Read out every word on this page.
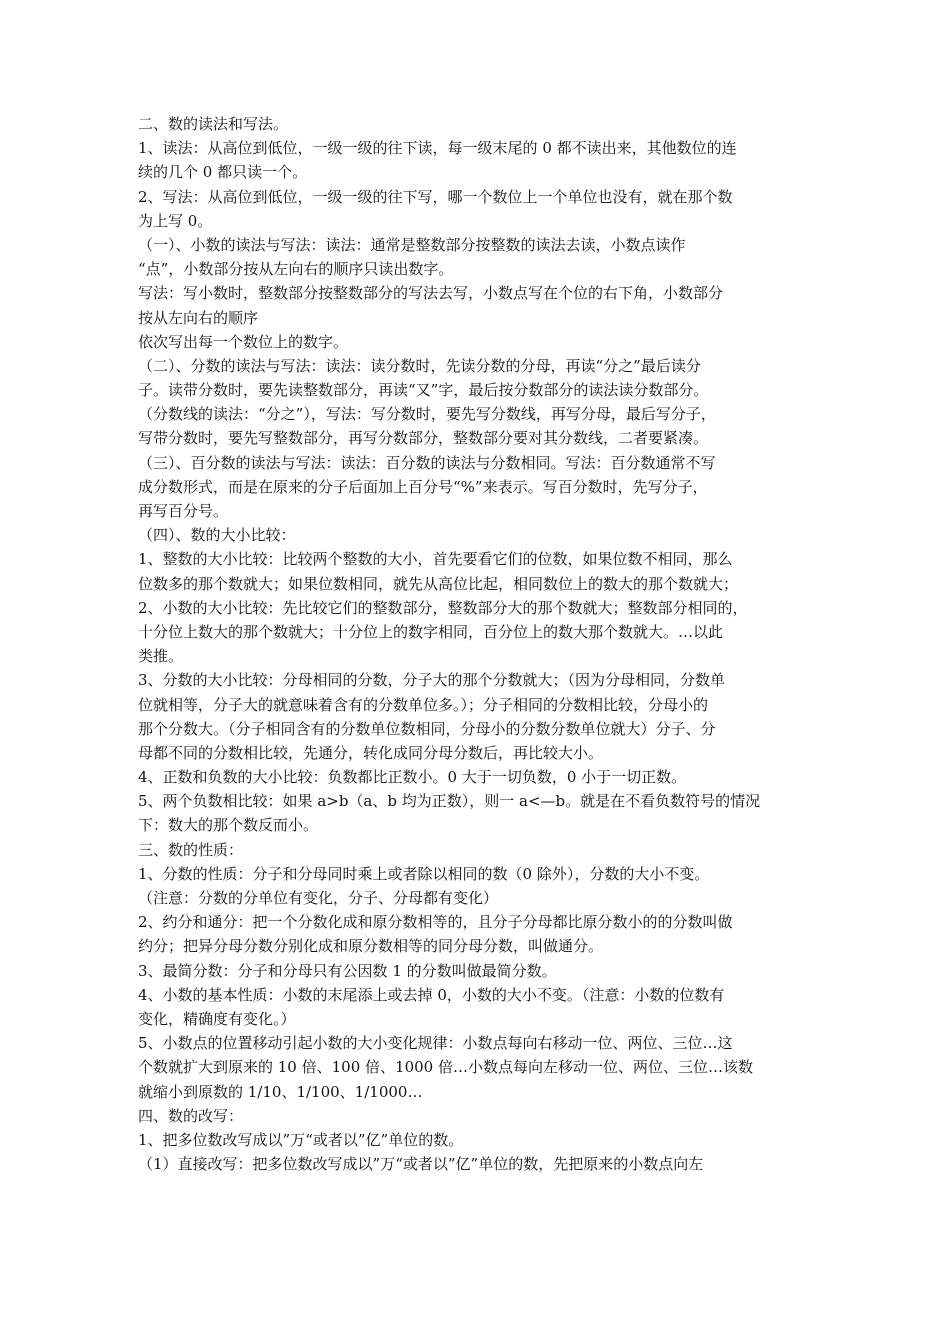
二、数的读法和写法。
1、读法：从高位到低位，一级一级的往下读，每一级末尾的 0 都不读出来，其他数位的连
续的几个 0 都只读一个。
2、写法：从高位到低位，一级一级的往下写，哪一个数位上一个单位也没有，就在那个数
为上写 0。
（一）、小数的读法与写法：读法：通常是整数部分按整数的读法去读，小数点读作
“点”，小数部分按从左向右的顺序只读出数字。
写法：写小数时，整数部分按整数部分的写法去写，小数点写在个位的右下角，小数部分
按从左向右的顺序
依次写出每一个数位上的数字。
（二）、分数的读法与写法：读法：读分数时，先读分数的分母，再读“分之”最后读分
子。读带分数时，要先读整数部分，再读“又”字，最后按分数部分的读法读分数部分。
（分数线的读法：“分之”），写法：写分数时，要先写分数线，再写分母，最后写分子，
写带分数时，要先写整数部分，再写分数部分，整数部分要对其分数线，二者要紧凑。
（三）、百分数的读法与写法：读法：百分数的读法与分数相同。写法：百分数通常不写
成分数形式，而是在原来的分子后面加上百分号“%”来表示。写百分数时，先写分子，
再写百分号。
（四）、数的大小比较：
1、整数的大小比较：比较两个整数的大小，首先要看它们的位数，如果位数不相同，那么
位数多的那个数就大；如果位数相同，就先从高位比起，相同数位上的数大的那个数就大；
2、小数的大小比较：先比较它们的整数部分，整数部分大的那个数就大；整数部分相同的，
十分位上数大的那个数就大；十分位上的数字相同，百分位上的数大那个数就大。…以此
类推。
3、分数的大小比较：分母相同的分数，分子大的那个分数就大；（因为分母相同，分数单
位就相等，分子大的就意味着含有的分数单位多。）；分子相同的分数相比较，分母小的
那个分数大。（分子相同含有的分数单位数相同，分母小的分数分数单位就大）分子、分
母都不同的分数相比较，先通分，转化成同分母分数后，再比较大小。
4、正数和负数的大小比较：负数都比正数小。0 大于一切负数，0 小于一切正数。
5、两个负数相比较：如果 a>b（a、b 均为正数），则一 a<—b。就是在不看负数符号的情况
下：数大的那个数反而小。
三、数的性质：
1、分数的性质：分子和分母同时乘上或者除以相同的数（0 除外），分数的大小不变。
（注意：分数的分单位有变化，分子、分母都有变化）
2、约分和通分：把一个分数化成和原分数相等的，且分子分母都比原分数小的的分数叫做
约分；把异分母分数分别化成和原分数相等的同分母分数，叫做通分。
3、最简分数：分子和分母只有公因数 1 的分数叫做最简分数。
4、小数的基本性质：小数的末尾添上或去掉 0，小数的大小不变。（注意：小数的位数有
变化，精确度有变化。）
5、小数点的位置移动引起小数的大小变化规律：小数点每向右移动一位、两位、三位…这
个数就扩大到原来的 10 倍、100 倍、1000 倍…小数点每向左移动一位、两位、三位…该数
就缩小到原数的 1/10、1/100、1/1000…
四、数的改写：
1、把多位数改写成以”万“或者以”亿”单位的数。
（1）直接改写：把多位数改写成以”万“或者以”亿”单位的数，先把原来的小数点向左
